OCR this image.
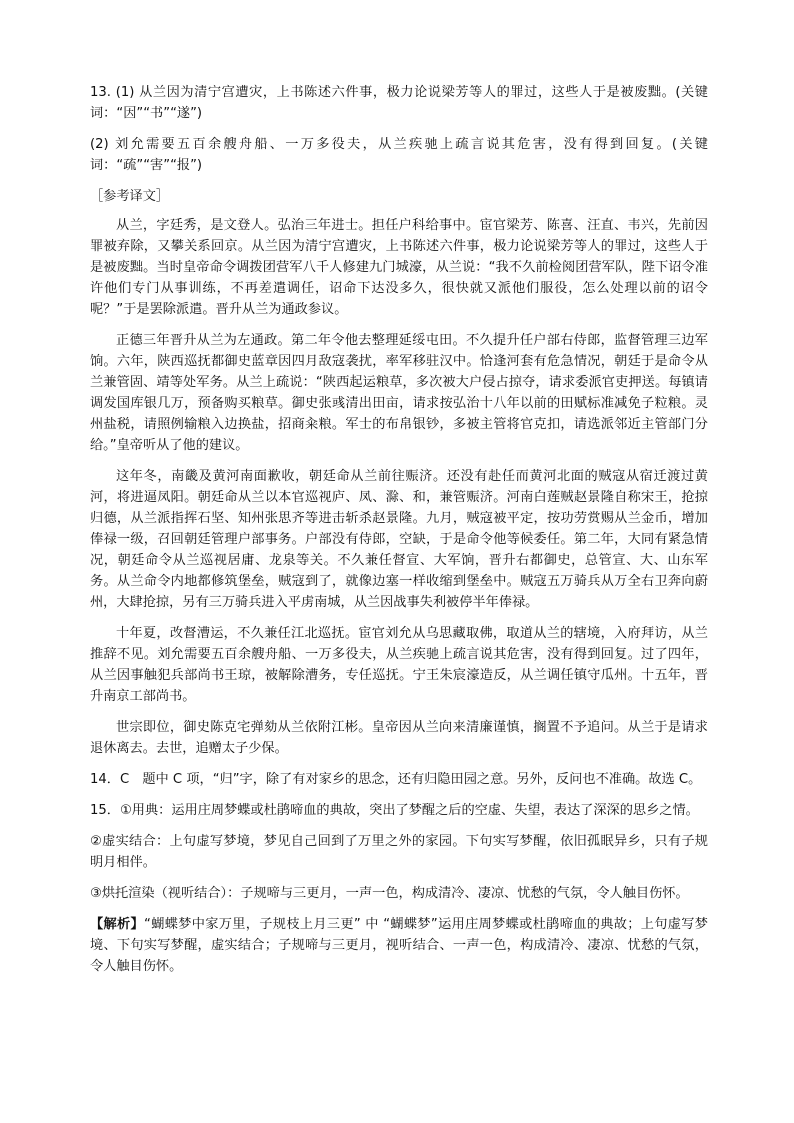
13. (1) 从兰因为清宁宫遭灾，上书陈述六件事，极力论说梁芳等人的罪过，这些人于是被废黜。(关键词：“因”“书”“遂”)

(2) 刘允需要五百余艘舟船、一万多役夫，从兰疾驰上疏言说其危害，没有得到回复。(关键词：“疏”“害”“报”)

［参考译文］

从兰，字廷秀，是文登人。弘治三年进士。担任户科给事中。宦官梁芳、陈喜、汪直、韦兴，先前因罪被弃除，又攀关系回京。从兰因为清宁宫遭灾，上书陈述六件事，极力论说梁芳等人的罪过，这些人于是被废黜。当时皇帝命令调拨团营军八千人修建九门城濠，从兰说：“我不久前检阅团营军队，陛下诏令准许他们专门从事训练，不再差遣调任，诏命下达没多久，很快就又派他们服役，怎么处理以前的诏令呢？”于是罢除派遣。晋升从兰为通政参议。

正德三年晋升从兰为左通政。第二年令他去整理延绥屯田。不久提升任户部右侍郎，监督管理三边军饷。六年，陕西巡抚都御史蓝章因四月敌寇袭扰，率军移驻汉中。恰逢河套有危急情况，朝廷于是命令从兰兼管固、靖等处军务。从兰上疏说：“陕西起运粮草，多次被大户侵占掠夺，请求委派官吏押送。每镇请调发国库银几万，预备购买粮草。御史张彧清出田亩，请求按弘治十八年以前的田赋标准减免子粒粮。灵州盐税，请照例输粮入边换盐，招商籴粮。军士的布帛银钞，多被主管将官克扣，请选派邻近主管部门分给。”皇帝听从了他的建议。

这年冬，南畿及黄河南面歉收，朝廷命从兰前往赈济。还没有赴任而黄河北面的贼寇从宿迁渡过黄河，将进逼凤阳。朝廷命从兰以本官巡视庐、凤、滁、和，兼管赈济。河南白莲贼赵景隆自称宋王，抢掠归德，从兰派指挥石坚、知州张思齐等进击斩杀赵景隆。九月，贼寇被平定，按功劳赏赐从兰金币，增加俸禄一级，召回朝廷管理户部事务。户部没有侍郎，空缺，于是命令他等候委任。第二年，大同有紧急情况，朝廷命令从兰巡视居庸、龙泉等关。不久兼任督宣、大军饷，晋升右都御史，总管宣、大、山东军务。从兰命令内地都修筑堡垒，贼寇到了，就像边塞一样收缩到堡垒中。贼寇五万骑兵从万全右卫奔向蔚州，大肆抢掠，另有三万骑兵进入平虏南城，从兰因战事失利被停半年俸禄。

十年夏，改督漕运，不久兼任江北巡抚。宦官刘允从乌思藏取佛，取道从兰的辖境，入府拜访，从兰推辞不见。刘允需要五百余艘舟船、一万多役夫，从兰疾驰上疏言说其危害，没有得到回复。过了四年，从兰因事触犯兵部尚书王琼，被解除漕务，专任巡抚。宁王朱宸濠造反，从兰调任镇守瓜州。十五年，晋升南京工部尚书。

世宗即位，御史陈克宅弹劾从兰依附江彬。皇帝因从兰向来清廉谨慎，搁置不予追问。从兰于是请求退休离去。去世，追赠太子少保。

14．C　题中 C 项，“归”字，除了有对家乡的思念，还有归隐田园之意。另外，反问也不准确。故选 C。

15．①用典：运用庄周梦蝶或杜鹃啼血的典故，突出了梦醒之后的空虚、失望，表达了深深的思乡之情。

②虚实结合：上句虚写梦境，梦见自己回到了万里之外的家园。下句实写梦醒，依旧孤眠异乡，只有子规明月相伴。

③烘托渲染（视听结合）：子规啼与三更月，一声一色，构成清冷、凄凉、忧愁的气氛，令人触目伤怀。

【解析】“蝴蝶梦中家万里，子规枝上月三更” 中 “蝴蝶梦”运用庄周梦蝶或杜鹃啼血的典故；上句虚写梦境、下句实写梦醒，虚实结合；子规啼与三更月，视听结合、一声一色，构成清冷、凄凉、忧愁的气氛，令人触目伤怀。
